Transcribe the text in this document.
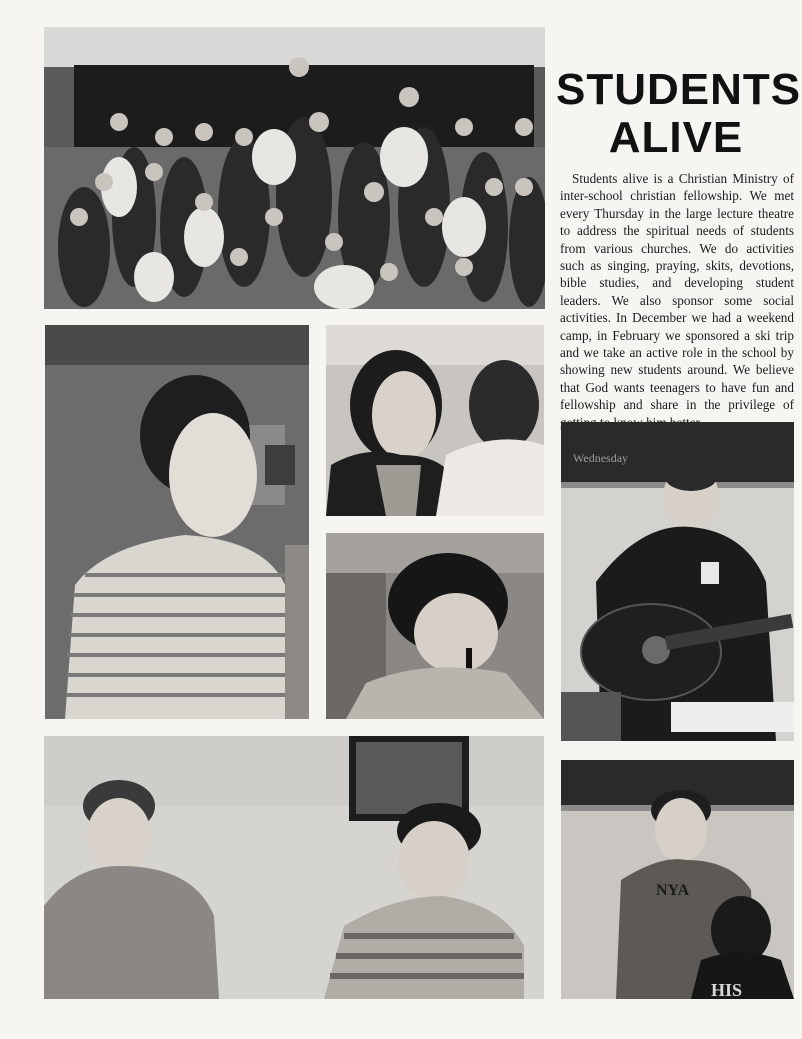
STUDENTS
ALIVE

Students alive is a Christian Ministry of inter-school christian fellowship. We met every Thursday in the large lecture theatre to address the spiritual needs of students from various churches. We do activities such as singing, praying, skits, devotions, bible studies, and developing student leaders. We also sponsor some social activities. In December we had a weekend camp, in February we sponsored a ski trip and we take an active role in the school by showing new students around. We believe that God wants teenagers to have fun and fellowship and share in the privilege of

Wednesday
NYA
HIS
